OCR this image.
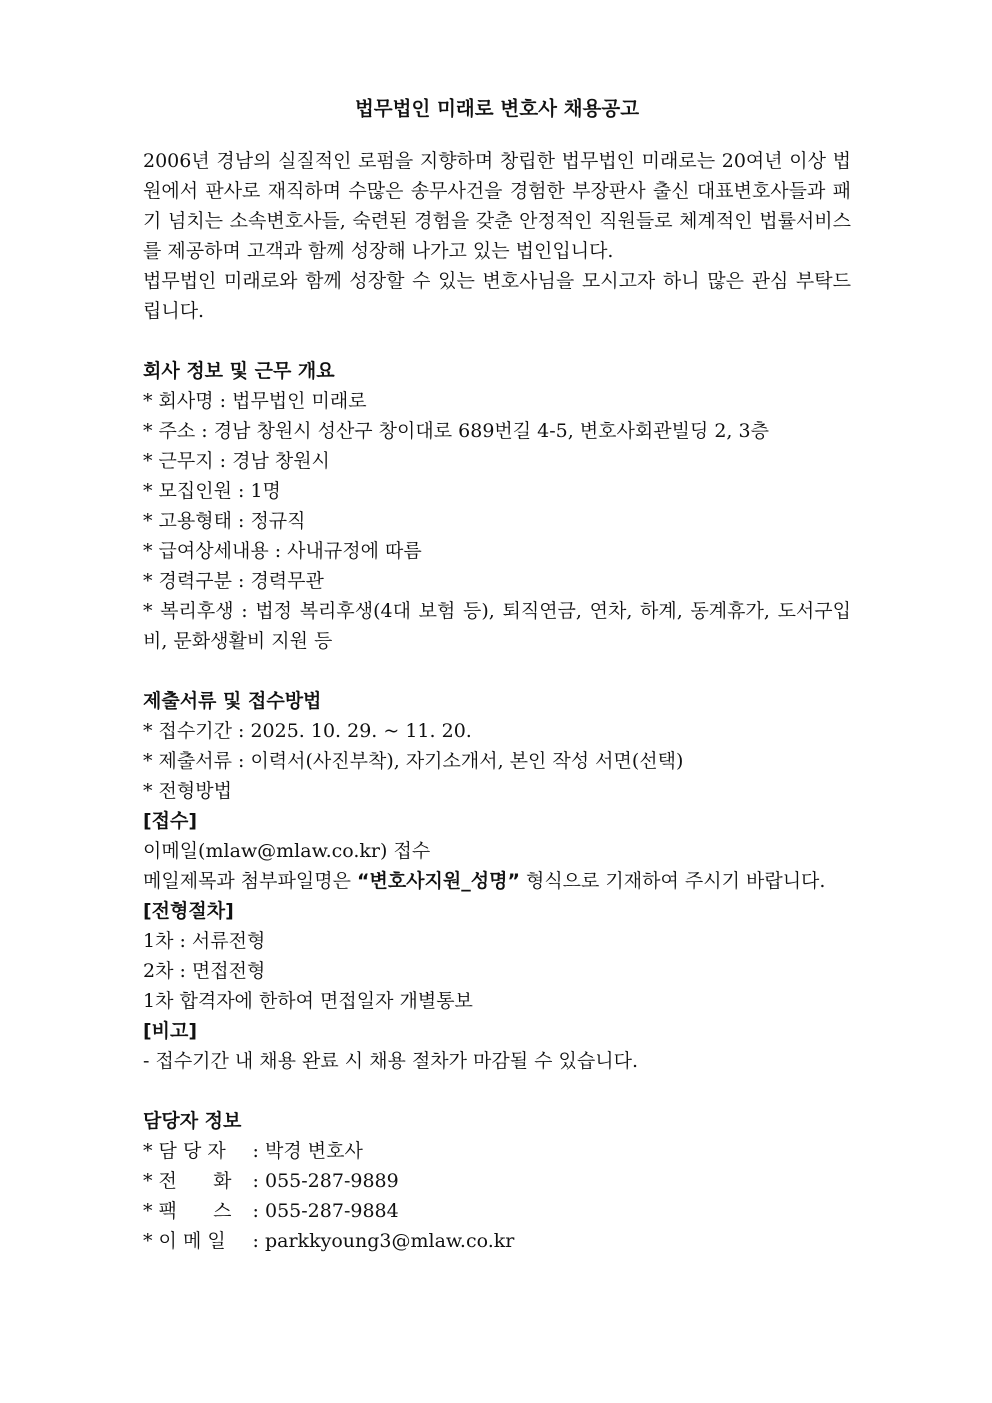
법무법인 미래로 변호사 채용공고

2006년 경남의 실질적인 로펌을 지향하며 창립한 법무법인 미래로는 20여년 이상 법원에서 판사로 재직하며 수많은 송무사건을 경험한 부장판사 출신 대표변호사들과 패기 넘치는 소속변호사들, 숙련된 경험을 갖춘 안정적인 직원들로 체계적인 법률서비스를 제공하며 고객과 함께 성장해 나가고 있는 법인입니다.

법무법인 미래로와 함께 성장할 수 있는 변호사님을 모시고자 하니 많은 관심 부탁드립니다.

회사 정보 및 근무 개요

* 회사명 : 법무법인 미래로

* 주소 : 경남 창원시 성산구 창이대로 689번길 4-5, 변호사회관빌딩 2, 3층

* 근무지 : 경남 창원시

* 모집인원 : 1명

* 고용형태 : 정규직

* 급여상세내용 : 사내규정에 따름

* 경력구분 : 경력무관

* 복리후생 : 법정 복리후생(4대 보험 등), 퇴직연금, 연차, 하계, 동계휴가, 도서구입비, 문화생활비 지원 등

제출서류 및 접수방법

* 접수기간 : 2025. 10. 29. ~ 11. 20.

* 제출서류 : 이력서(사진부착), 자기소개서, 본인 작성 서면(선택)

* 전형방법

[접수]

이메일(mlaw@mlaw.co.kr) 접수

메일제목과 첨부파일명은 “변호사지원_성명” 형식으로 기재하여 주시기 바랍니다.

[전형절차]

1차 : 서류전형

2차 : 면접전형

1차 합격자에 한하여 면접일자 개별통보

[비고]

- 접수기간 내 채용 완료 시 채용 절차가 마감될 수 있습니다.

담당자 정보

* 담 당 자 : 박경 변호사

* 전      화 : 055-287-9889

* 팩      스 : 055-287-9884

* 이 메 일 : parkkyoung3@mlaw.co.kr
